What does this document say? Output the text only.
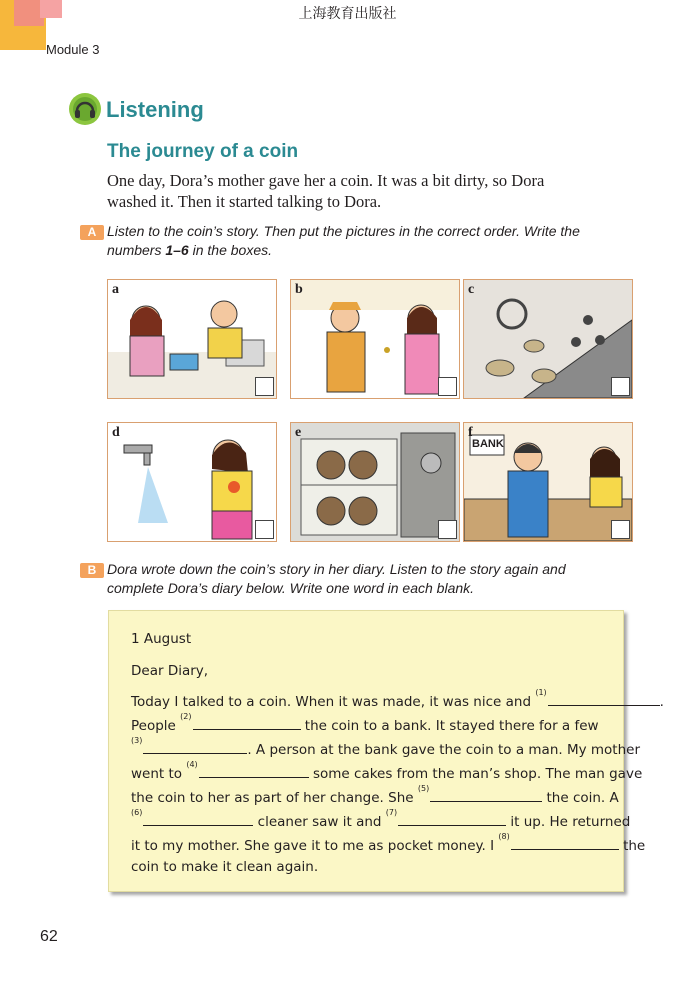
上海教育出版社
Module 3
Listening
The journey of a coin
One day, Dora’s mother gave her a coin. It was a bit dirty, so Dora
washed it. Then it started talking to Dora.
A Listen to the coin’s story. Then put the pictures in the correct order. Write the
numbers 1–6 in the boxes.
a	b	c
d	e
BANK
f
B Dora wrote down the coin’s story in her diary. Listen to the story again and
complete Dora’s diary below. Write one word in each blank.
1 August
Dear Diary,
Today I talked to a coin. When it was made, it was nice and $^{(1)}$.
People $^{(2)}$ the coin to a bank. It stayed there for a few
$^{(3)}$. A person at the bank gave the coin to a man. My mother
went to $^{(4)}$ some cakes from the man’s shop. The man gave
the coin to her as part of her change. She $^{(5)}$ the coin. A
$^{(6)}$ cleaner saw it and $^{(7)}$ it up. He returned
it to my mother. She gave it to me as pocket money. I $^{(8)}$ the
coin to make it clean again.
62
